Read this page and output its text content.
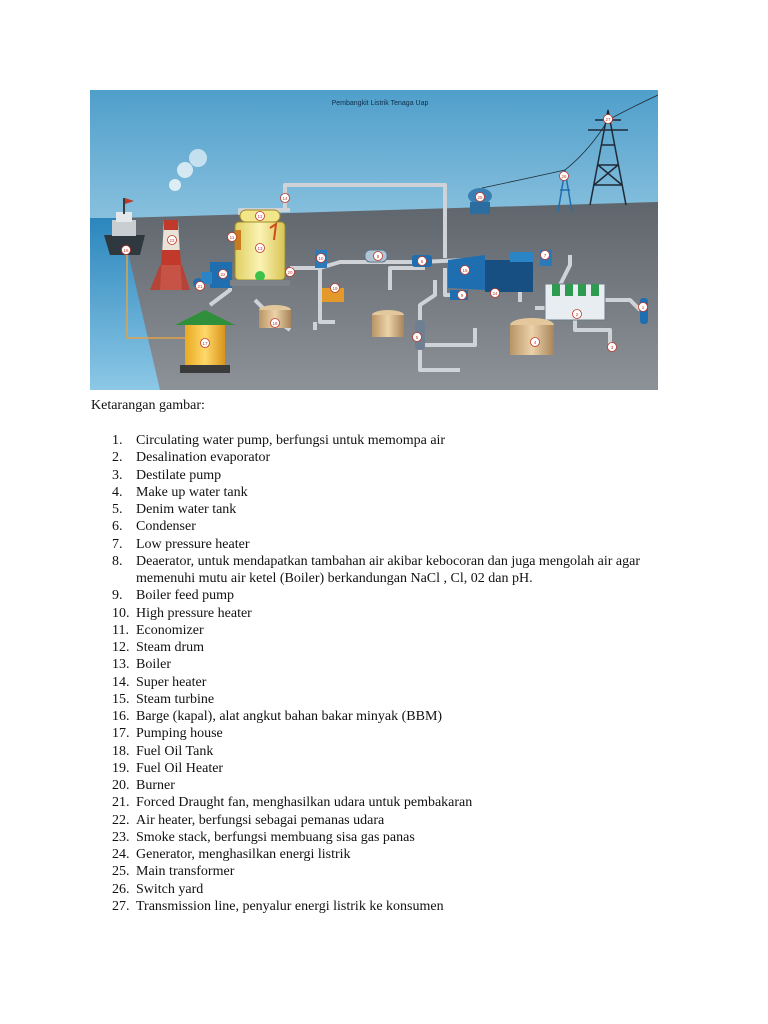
Pembangkit Listrik Tenaga Uap
1
2
3
4
5
6
7
8
9
10
11
12
13
14
15
16
17
18
19
20
21
22
23
24
25
26
27

Ketarangan gambar:

1. Circulating water pump, berfungsi untuk memompa air
2. Desalination evaporator
3. Destilate pump
4. Make up water tank
5. Denim water tank
6. Condenser
7. Low pressure heater
8. Deaerator, untuk mendapatkan tambahan air akibar kebocoran dan juga mengolah air agar memenuhi mutu air ketel (Boiler) berkandungan NaCl , Cl, 02 dan pH.
9. Boiler feed pump
10. High pressure heater
11. Economizer
12. Steam drum
13. Boiler
14. Super heater
15. Steam turbine
16. Barge (kapal), alat angkut bahan bakar minyak (BBM)
17. Pumping house
18. Fuel Oil Tank
19. Fuel Oil Heater
20. Burner
21. Forced Draught fan, menghasilkan udara untuk pembakaran
22. Air heater, berfungsi sebagai pemanas udara
23. Smoke stack, berfungsi membuang sisa gas panas
24. Generator, menghasilkan energi listrik
25. Main transformer
26. Switch yard
27. Transmission line, penyalur energi listrik ke konsumen
